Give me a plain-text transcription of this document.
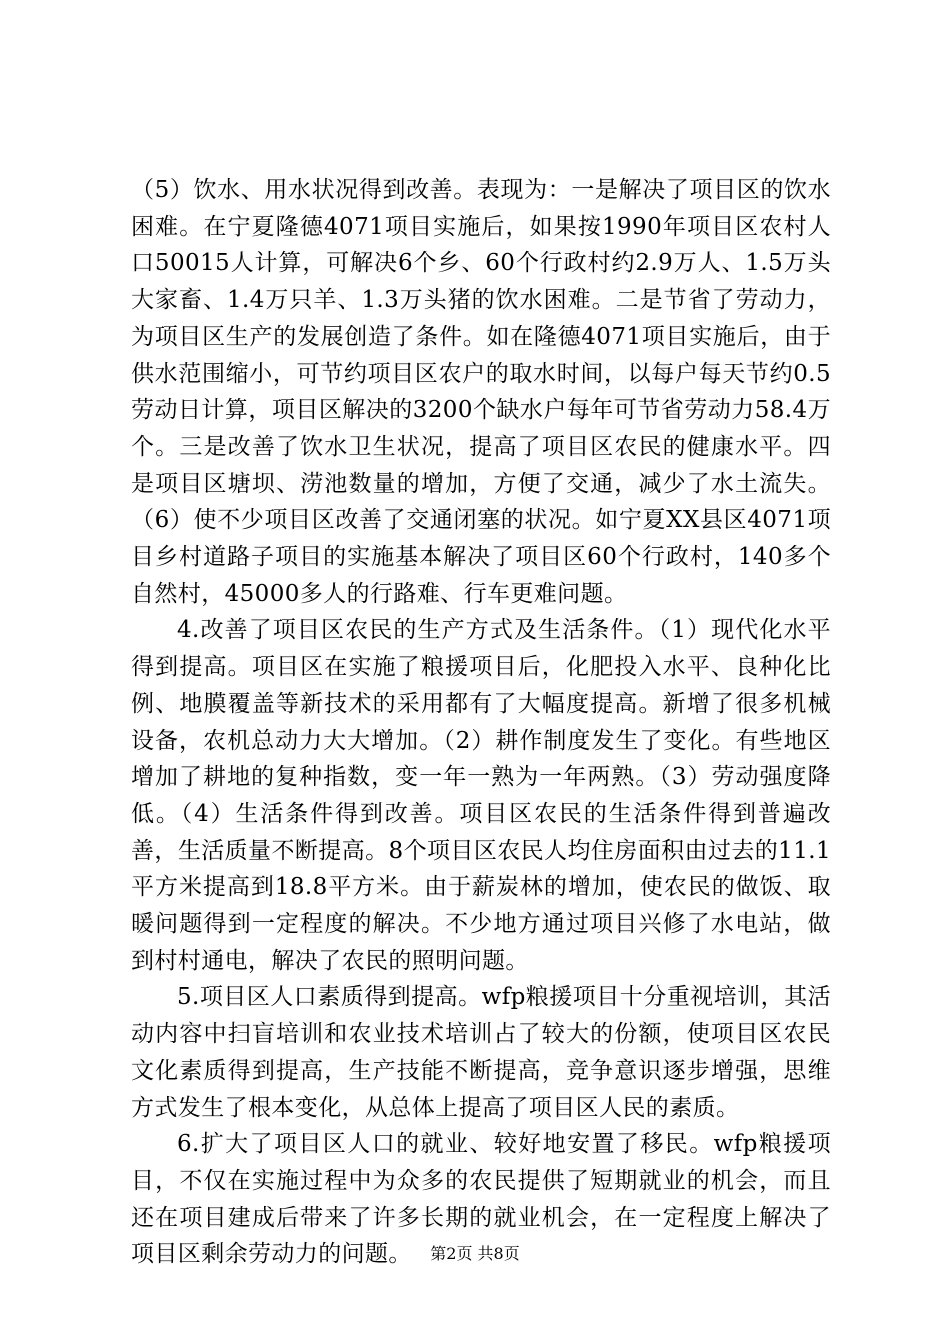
（5）饮水、用水状况得到改善。表现为：一是解决了项目区的饮水困难。在宁夏隆德4071项目实施后，如果按1990年项目区农村人口50015人计算，可解决6个乡、60个行政村约2.9万人、1.5万头大家畜、1.4万只羊、1.3万头猪的饮水困难。二是节省了劳动力，为项目区生产的发展创造了条件。如在隆德4071项目实施后，由于供水范围缩小，可节约项目区农户的取水时间，以每户每天节约0.5劳动日计算，项目区解决的3200个缺水户每年可节省劳动力58.4万个。三是改善了饮水卫生状况，提高了项目区农民的健康水平。四是项目区塘坝、涝池数量的增加，方便了交通，减少了水土流失。（6）使不少项目区改善了交通闭塞的状况。如宁夏XX县区4071项目乡村道路子项目的实施基本解决了项目区60个行政村，140多个自然村，45000多人的行路难、行车更难问题。

4.改善了项目区农民的生产方式及生活条件。（1）现代化水平得到提高。项目区在实施了粮援项目后，化肥投入水平、良种化比例、地膜覆盖等新技术的采用都有了大幅度提高。新增了很多机械设备，农机总动力大大增加。（2）耕作制度发生了变化。有些地区增加了耕地的复种指数，变一年一熟为一年两熟。（3）劳动强度降低。（4）生活条件得到改善。项目区农民的生活条件得到普遍改善，生活质量不断提高。8个项目区农民人均住房面积由过去的11.1平方米提高到18.8平方米。由于薪炭林的增加，使农民的做饭、取暖问题得到一定程度的解决。不少地方通过项目兴修了水电站，做到村村通电，解决了农民的照明问题。

5.项目区人口素质得到提高。wfp粮援项目十分重视培训，其活动内容中扫盲培训和农业技术培训占了较大的份额，使项目区农民文化素质得到提高，生产技能不断提高，竞争意识逐步增强，思维方式发生了根本变化，从总体上提高了项目区人民的素质。

6.扩大了项目区人口的就业、较好地安置了移民。wfp粮援项目，不仅在实施过程中为众多的农民提供了短期就业的机会，而且还在项目建成后带来了许多长期的就业机会，在一定程度上解决了项目区剩余劳动力的问题。	第2页 共8页
